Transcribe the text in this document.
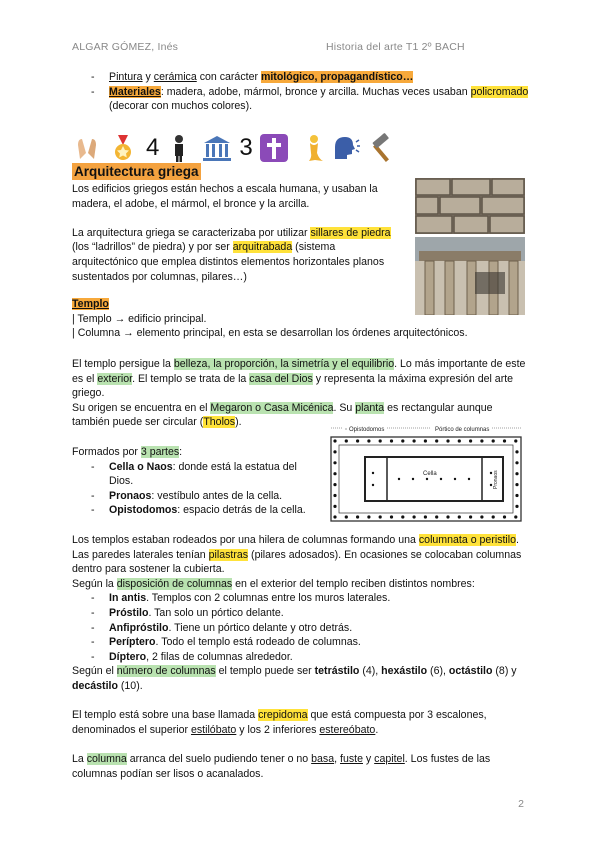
ALGAR GÓMEZ, Inés	Historia del arte T1 2º BACH
- Pintura y cerámica con carácter mitológico, propagandístico…
- Materiales: madera, adobe, mármol, bronce y arcilla. Muchas veces usaban policromado (decorar con muchos colores).
4	3
Arquitectura griega
Los edificios griegos están hechos a escala humana, y usaban la madera, el adobe, el mármol, el bronce y la arcilla.
La arquitectura griega se caracterizaba por utilizar sillares de piedra (los “ladrillos” de piedra) y por ser arquitrabada (sistema arquitectónico que emplea distintos elementos horizontales planos sustentados por columnas, pilares…)
Templo
| Templo → edificio principal.
| Columna → elemento principal, en esta se desarrollan los órdenes arquitectónicos.
El templo persigue la belleza, la proporción, la simetría y el equilibrio. Lo más importante de este es el exterior. El templo se trata de la casa del Dios y representa la máxima expresión del arte griego.
Su origen se encuentra en el Megaron o Casa Micénica. Su planta es rectangular aunque también puede ser circular (Tholos).
Formados por 3 partes:
- Cella o Naos: donde está la estatua del Dios.
- Pronaos: vestíbulo antes de la cella.
- Opistodomos: espacio detrás de la cella.
Opistodomos	Pórtico de columnas
Cella	Pronaos
Los templos estaban rodeados por una hilera de columnas formando una columnata o peristilo. Las paredes laterales tenían pilastras (pilares adosados). En ocasiones se colocaban columnas dentro para sostener la cubierta.
Según la disposición de columnas en el exterior del templo reciben distintos nombres:
- In antis. Templos con 2 columnas entre los muros laterales.
- Próstilo. Tan solo un pórtico delante.
- Anfipróstilo. Tiene un pórtico delante y otro detrás.
- Períptero. Todo el templo está rodeado de columnas.
- Díptero, 2 filas de columnas alrededor.
Según el número de columnas el templo puede ser tetrástilo (4), hexástilo (6), octástilo (8) y decástilo (10).
El templo está sobre una base llamada crepidoma que está compuesta por 3 escalones, denominados el superior estilóbato y los 2 inferiores estereóbato.
La columna arranca del suelo pudiendo tener o no basa, fuste y capitel. Los fustes de las columnas podían ser lisos o acanalados.
2
